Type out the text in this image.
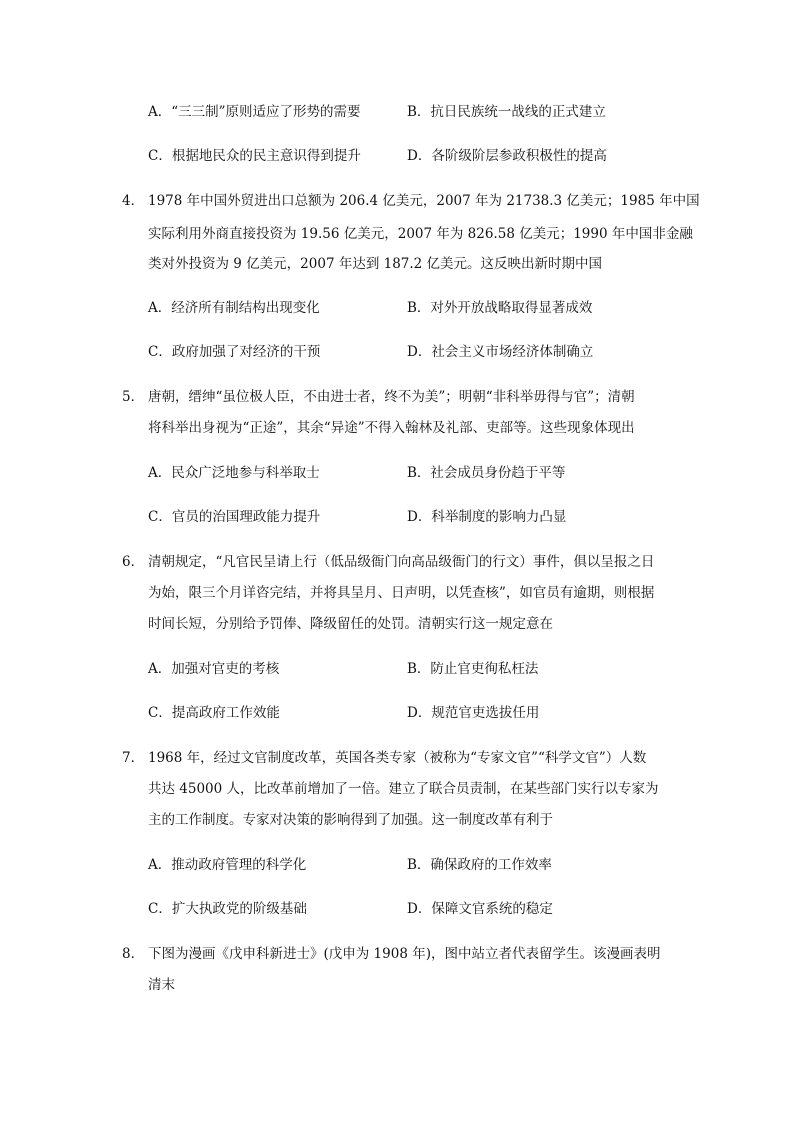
A．“三三制”原则适应了形势的需要	B．抗日民族统一战线的正式建立
C．根据地民众的民主意识得到提升	D．各阶级阶层参政积极性的提高
4． 1978 年中国外贸进出口总额为 206.4 亿美元，2007 年为 21738.3 亿美元；1985 年中国
实际利用外商直接投资为 19.56 亿美元，2007 年为 826.58 亿美元；1990 年中国非金融
类对外投资为 9 亿美元，2007 年达到 187.2 亿美元。这反映出新时期中国
A．经济所有制结构出现变化	B．对外开放战略取得显著成效
C．政府加强了对经济的干预	D．社会主义市场经济体制确立
5． 唐朝，缙绅“虽位极人臣，不由进士者，终不为美”；明朝“非科举毋得与官”；清朝
将科举出身视为“正途”，其余“异途”不得入翰林及礼部、吏部等。这些现象体现出
A．民众广泛地参与科举取士	B．社会成员身份趋于平等
C．官员的治国理政能力提升	D．科举制度的影响力凸显
6． 清朝规定，“凡官民呈请上行（低品级衙门向高品级衙门的行文）事件，俱以呈报之日
为始，限三个月详咨完结，并将具呈月、日声明，以凭查核”，如官员有逾期，则根据
时间长短，分别给予罚俸、降级留任的处罚。清朝实行这一规定意在
A．加强对官吏的考核	B．防止官吏徇私枉法
C．提高政府工作效能	D．规范官吏选拔任用
7． 1968 年，经过文官制度改革，英国各类专家（被称为“专家文官”“科学文官”）人数
共达 45000 人，比改革前增加了一倍。建立了联合员责制，在某些部门实行以专家为
主的工作制度。专家对决策的影响得到了加强。这一制度改革有利于
A．推动政府管理的科学化	B．确保政府的工作效率
C．扩大执政党的阶级基础	D．保障文官系统的稳定
8． 下图为漫画《戊申科新进士》(戊申为 1908 年)，图中站立者代表留学生。该漫画表明
清末
